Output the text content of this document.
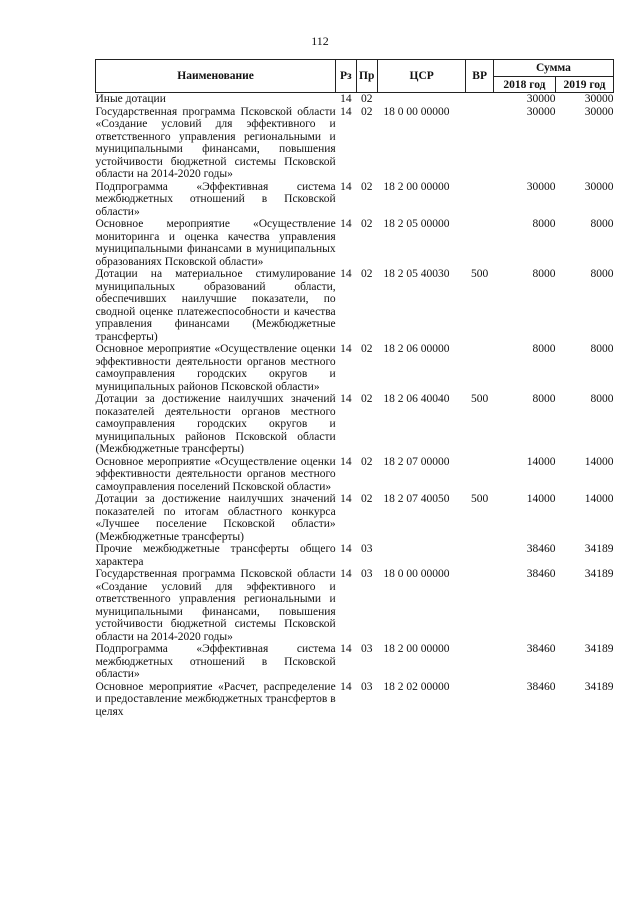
112
Наименование	Рз	Пр	ЦСР	ВР	Сумма	
					2018 год	2019 год
Иные дотации	14	02			30000	30000
Государственная программа Псковской области «Создание условий для эффективного и ответственного управления региональными и муниципальными финансами, повышения устойчивости бюджетной системы Псковской области на 2014-2020 годы»	14	02	18 0 00 00000		30000	30000
Подпрограмма «Эффективная система межбюджетных отношений в Псковской области»	14	02	18 2 00 00000		30000	30000
Основное мероприятие «Осуществление мониторинга и оценка качества управления муниципальными финансами в муниципальных образованиях Псковской области»	14	02	18 2 05 00000		8000	8000
Дотации на материальное стимулирование муниципальных образований области, обеспечивших наилучшие показатели, по сводной оценке платежеспособности и качества управления финансами (Межбюджетные трансферты)	14	02	18 2 05 40030	500	8000	8000
Основное мероприятие «Осуществление оценки эффективности деятельности органов местного самоуправления городских округов и муниципальных районов Псковской области»	14	02	18 2 06 00000		8000	8000
Дотации за достижение наилучших значений показателей деятельности органов местного самоуправления городских округов и муниципальных районов Псковской области (Межбюджетные трансферты)	14	02	18 2 06 40040	500	8000	8000
Основное мероприятие «Осуществление оценки эффективности деятельности органов местного самоуправления поселений Псковской области»	14	02	18 2 07 00000		14000	14000
Дотации за достижение наилучших значений показателей по итогам областного конкурса «Лучшее поселение Псковской области» (Межбюджетные трансферты)	14	02	18 2 07 40050	500	14000	14000
Прочие межбюджетные трансферты общего характера	14	03			38460	34189
Государственная программа Псковской области «Создание условий для эффективного и ответственного управления региональными и муниципальными финансами, повышения устойчивости бюджетной системы Псковской области на 2014-2020 годы»	14	03	18 0 00 00000		38460	34189
Подпрограмма «Эффективная система межбюджетных отношений в Псковской области»	14	03	18 2 00 00000		38460	34189
Основное мероприятие «Расчет, распределение и предоставление межбюджетных трансфертов в целях	14	03	18 2 02 00000		38460	34189
